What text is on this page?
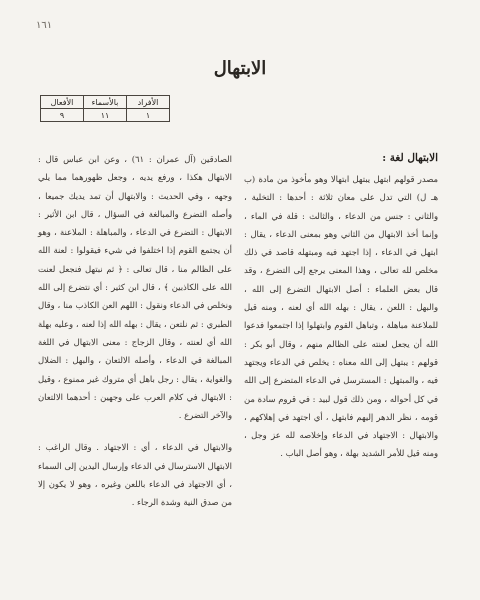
١٦١
الابتهال
الأفراد	بالأسماء	الأفعال
١	١١	٩
الابتهال لغة :

مصدر قولهم ابتهل يبتهل ابتهالا وهو مأخوذ من مادة (ب هـ ل) التي تدل على معان ثلاثة : أحدها : التخلية ، والثاني : جنس من الدعاء ، والثالث : قلة في الماء ، وإنما أخذ الابتهال من الثاني وهو بمعنى الدعاء ، يقال : ابتهل في الدعاء ، إذا اجتهد فيه ومبتهله قاصد في ذلك مخلص لله تعالى ، وهذا المعنى يرجع إلى التضرع ، وقد قال بعض العلماء : أصل الابتهال التضرع إلى الله ، والبهل : اللعن ، يقال : بهله الله أي لعنه ، ومنه قيل للملاعنة مباهلة ، وتباهل القوم وابتهلوا إذا اجتمعوا فدعوا الله أن يجعل لعنته على الظالم منهم ، وقال أبو بكر : قولهم : يبتهل إلى الله معناه : يخلص في الدعاء ويجتهد فيه ، والمبتهل : المسترسل في الدعاء المتضرع إلى الله في كل أحواله ، ومن ذلك قول لبيد : في قروم سادة من قومه ، نظر الدهر إليهم فابتهل ، أي اجتهد في إهلاكهم ، والابتهال : الاجتهاد في الدعاء وإخلاصه لله عز وجل ، ومنه قيل للأمر الشديد بهلة ، وهو أصل الباب .

الصادقين (آل عمران : ٦١) ، وعن ابن عباس قال : الابتهال هكذا ، ورفع يديه ، وجعل ظهورهما مما يلي وجهه ، وفي الحديث : والابتهال أن تمد يديك جميعا ، وأصله التضرع والمبالغة في السؤال ، قال ابن الأثير : الابتهال : التضرع في الدعاء ، والمباهلة : الملاعنة ، وهو أن يجتمع القوم إذا اختلفوا في شيء فيقولوا : لعنة الله على الظالم منا ، قال تعالى : ﴿ ثم نبتهل فنجعل لعنت الله على الكاذبين ﴾ ، قال ابن كثير : أي نتضرع إلى الله ونخلص في الدعاء ونقول : اللهم العن الكاذب منا ، وقال الطبري : ثم نلتعن ، يقال : بهله الله إذا لعنه ، وعليه بهلة الله أي لعنته ، وقال الزجاج : معنى الابتهال في اللغة المبالغة في الدعاء ، وأصله الالتعان ، والبهل : الضلال والغواية ، يقال : رجل باهل أي متروك غير ممنوع ، وقيل : الابتهال في كلام العرب على وجهين : أحدهما الالتعان والآخر التضرع .

والابتهال في الدعاء ، أي : الاجتهاد . وقال الراغب : الابتهال الاسترسال في الدعاء وإرسال اليدين إلى السماء ، أي الاجتهاد في الدعاء باللعن وغيره ، وهو لا يكون إلا من صدق النية وشدة الرجاء .
